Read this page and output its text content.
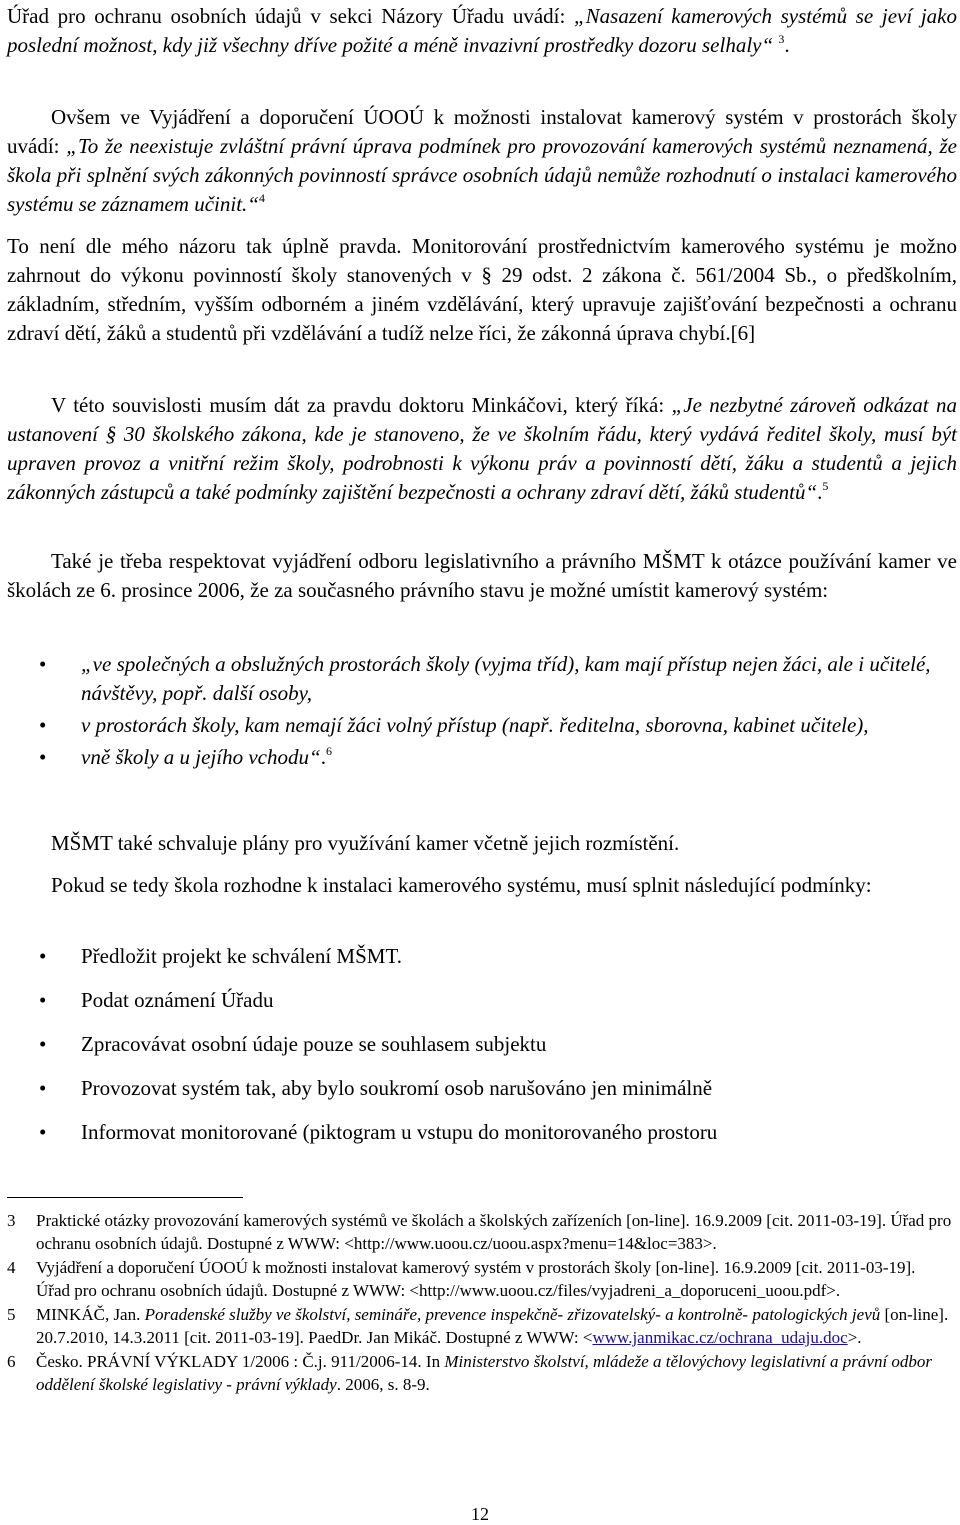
Úřad pro ochranu osobních údajů v sekci Názory Úřadu uvádí: „Nasazení kamerových systémů se jeví jako poslední možnost, kdy již všechny dříve požité a méně invazivní prostředky dozoru selhaly“ $^3$.

Ovšem ve Vyjádření a doporučení ÚOOÚ k možnosti instalovat kamerový systém v prostorách školy uvádí: „To že neexistuje zvláštní právní úprava podmínek pro provozování kamerových systémů neznamená, že škola při splnění svých zákonných povinností správce osobních údajů nemůže rozhodnutí o instalaci kamerového systému se záznamem učinit.“$^4$

To není dle mého názoru tak úplně pravda. Monitorování prostřednictvím kamerového systému je možno zahrnout do výkonu povinností školy stanovených v § 29 odst. 2 zákona č. 561/2004 Sb., o předškolním, základním, středním, vyšším odborném a jiném vzdělávání, který upravuje zajišťování bezpečnosti a ochranu zdraví dětí, žáků a studentů při vzdělávání a tudíž nelze říci, že zákonná úprava chybí.[6]

V této souvislosti musím dát za pravdu doktoru Minkáčovi, který říká: „Je nezbytné zároveň odkázat na ustanovení § 30 školského zákona, kde je stanoveno, že ve školním řádu, který vydává ředitel školy, musí být upraven provoz a vnitřní režim školy, podrobnosti k výkonu práv a povinností dětí, žáku a studentů a jejich zákonných zástupců a také podmínky zajištění bezpečnosti a ochrany zdraví dětí, žáků studentů“.$^5$

Také je třeba respektovat vyjádření odboru legislativního a právního MŠMT k otázce používání kamer ve školách ze 6. prosince 2006, že za současného právního stavu je možné umístit kamerový systém:

• „ve společných a obslužných prostorách školy (vyjma tříd), kam mají přístup nejen žáci, ale i učitelé, návštěvy, popř. další osoby,
• v prostorách školy, kam nemají žáci volný přístup (např. ředitelna, sborovna, kabinet učitele),
• vně školy a u jejího vchodu“.$^6$

MŠMT také schvaluje plány pro využívání kamer včetně jejich rozmístění.

Pokud se tedy škola rozhodne k instalaci kamerového systému, musí splnit následující podmínky:

• Předložit projekt ke schválení MŠMT.
• Podat oznámení Úřadu
• Zpracovávat osobní údaje pouze se souhlasem subjektu
• Provozovat systém tak, aby bylo soukromí osob narušováno jen minimálně
• Informovat monitorované (piktogram u vstupu do monitorovaného prostoru
3 Praktické otázky provozování kamerových systémů ve školách a školských zařízeních [on-line]. 16.9.2009 [cit. 2011-03-19]. Úřad pro ochranu osobních údajů. Dostupné z WWW: <http://www.uoou.cz/uoou.aspx?menu=14&loc=383>.
4 Vyjádření a doporučení ÚOOÚ k možnosti instalovat kamerový systém v prostorách školy [on-line]. 16.9.2009 [cit. 2011-03-19]. Úřad pro ochranu osobních údajů. Dostupné z WWW: <http://www.uoou.cz/files/vyjadreni_a_doporuceni_uoou.pdf>.
5 MINKÁČ, Jan. Poradenské služby ve školství, semináře, prevence inspekčně- zřizovatelský- a kontrolně- patologických jevů [on-line]. 20.7.2010, 14.3.2011 [cit. 2011-03-19]. PaedDr. Jan Mikáč. Dostupné z WWW: <www.janmikac.cz/ochrana_udaju.doc>.
6 Česko. PRÁVNÍ VÝKLADY 1/2006 : Č.j. 911/2006-14. In Ministerstvo školství, mládeže a tělovýchovy legislativní a právní odbor oddělení školské legislativy - právní výklady. 2006, s. 8-9.
12
